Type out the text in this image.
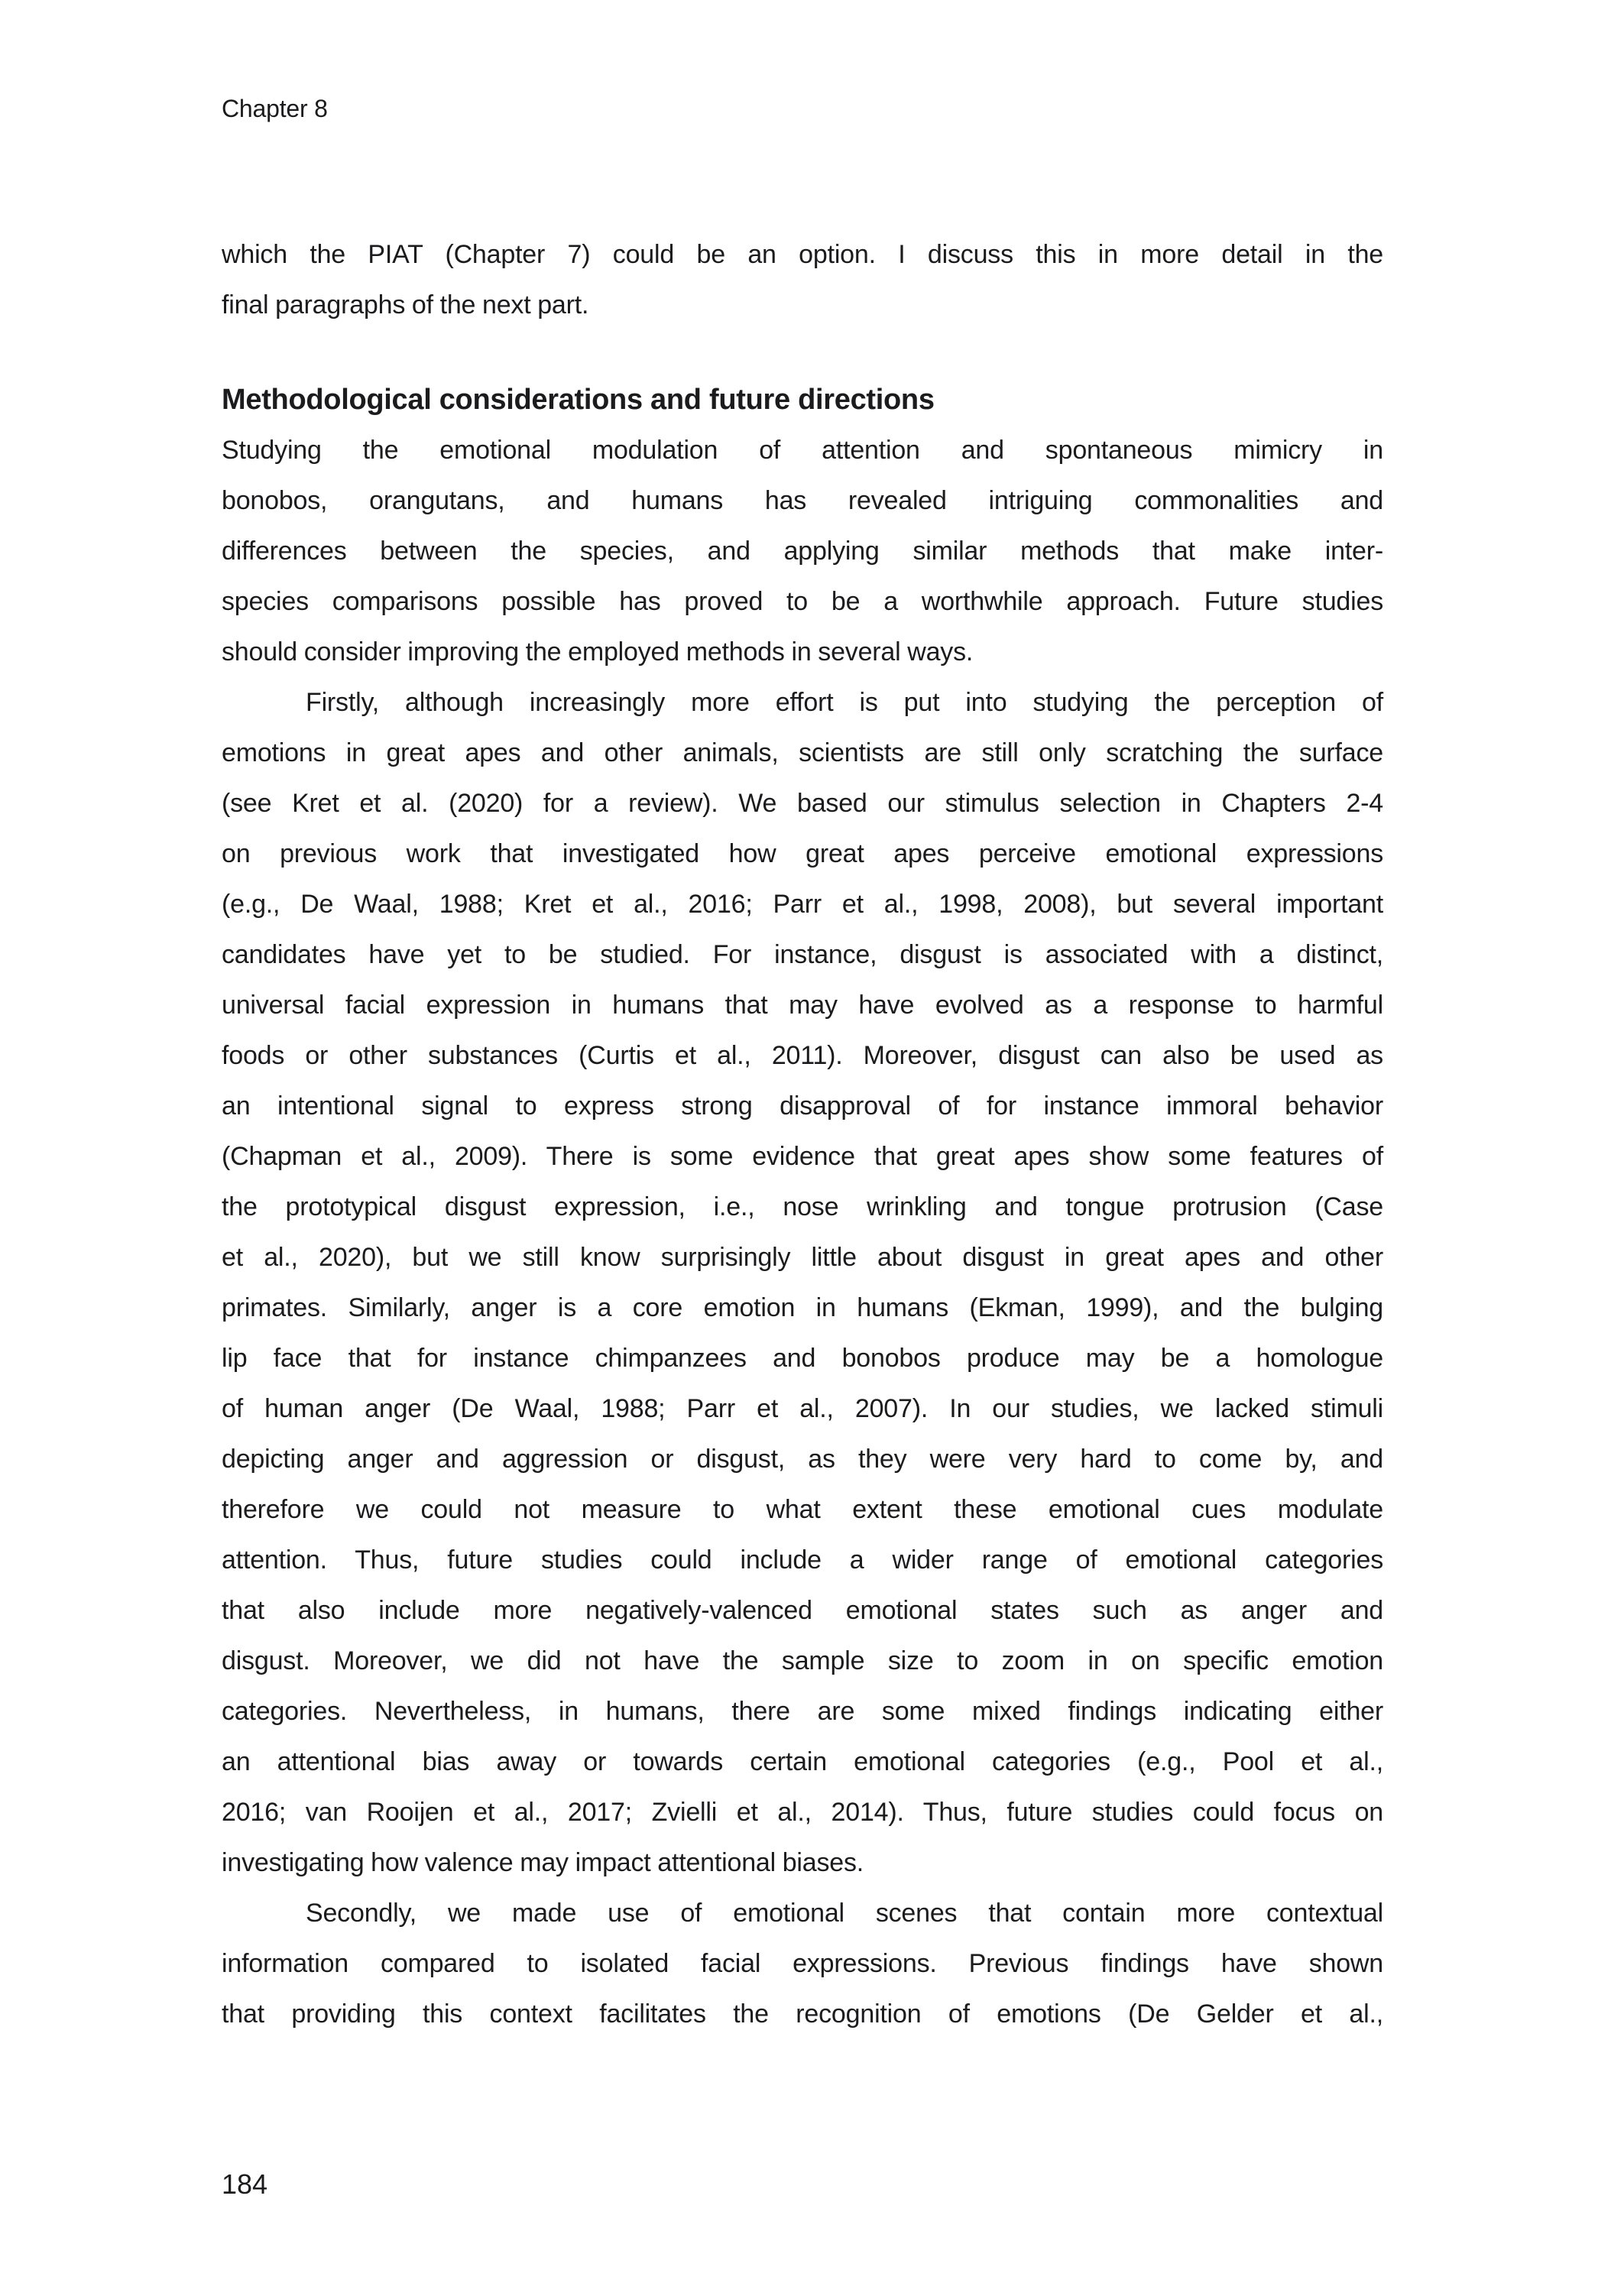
Chapter 8

which the PIAT (Chapter 7) could be an option. I discuss this in more detail in the
final paragraphs of the next part.

Methodological considerations and future directions

Studying the emotional modulation of attention and spontaneous mimicry in
bonobos, orangutans, and humans has revealed intriguing commonalities and
differences between the species, and applying similar methods that make inter-
species comparisons possible has proved to be a worthwhile approach. Future studies
should consider improving the employed methods in several ways.

Firstly, although increasingly more effort is put into studying the perception of
emotions in great apes and other animals, scientists are still only scratching the surface
(see Kret et al. (2020) for a review). We based our stimulus selection in Chapters 2-4
on previous work that investigated how great apes perceive emotional expressions
(e.g., De Waal, 1988; Kret et al., 2016; Parr et al., 1998, 2008), but several important
candidates have yet to be studied. For instance, disgust is associated with a distinct,
universal facial expression in humans that may have evolved as a response to harmful
foods or other substances (Curtis et al., 2011). Moreover, disgust can also be used as
an intentional signal to express strong disapproval of for instance immoral behavior
(Chapman et al., 2009). There is some evidence that great apes show some features of
the prototypical disgust expression, i.e., nose wrinkling and tongue protrusion (Case
et al., 2020), but we still know surprisingly little about disgust in great apes and other
primates. Similarly, anger is a core emotion in humans (Ekman, 1999), and the bulging
lip face that for instance chimpanzees and bonobos produce may be a homologue
of human anger (De Waal, 1988; Parr et al., 2007). In our studies, we lacked stimuli
depicting anger and aggression or disgust, as they were very hard to come by, and
therefore we could not measure to what extent these emotional cues modulate
attention. Thus, future studies could include a wider range of emotional categories
that also include more negatively-valenced emotional states such as anger and
disgust. Moreover, we did not have the sample size to zoom in on specific emotion
categories. Nevertheless, in humans, there are some mixed findings indicating either
an attentional bias away or towards certain emotional categories (e.g., Pool et al.,
2016; van Rooijen et al., 2017; Zvielli et al., 2014). Thus, future studies could focus on
investigating how valence may impact attentional biases.

Secondly, we made use of emotional scenes that contain more contextual
information compared to isolated facial expressions. Previous findings have shown
that providing this context facilitates the recognition of emotions (De Gelder et al.,

184
